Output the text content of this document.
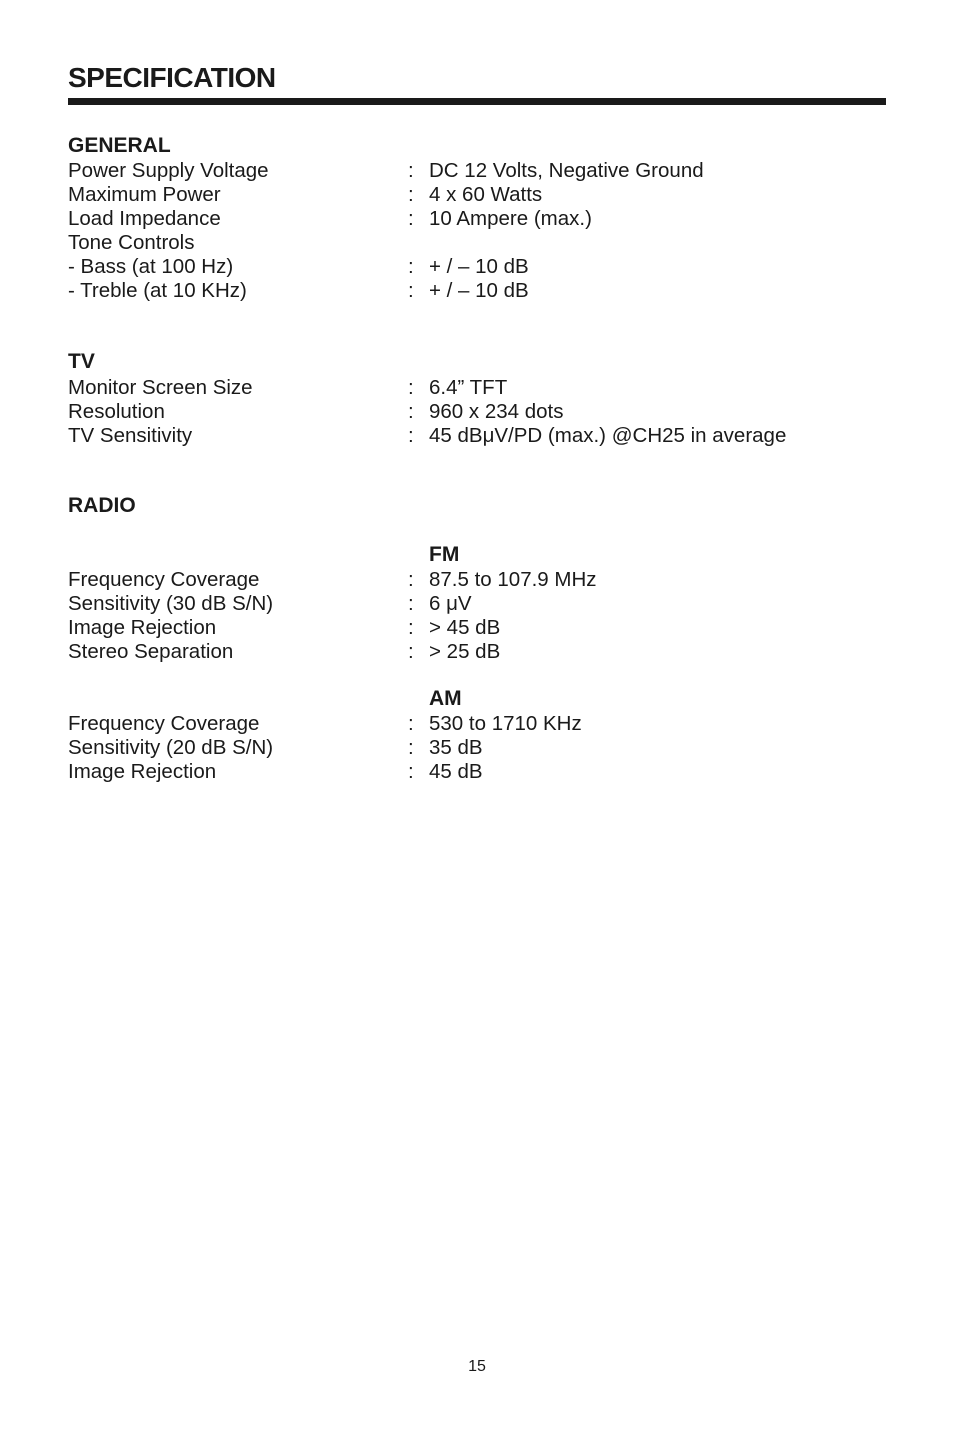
SPECIFICATION
GENERAL
Power Supply Voltage	: DC 12 Volts, Negative Ground
Maximum Power	: 4 x 60 Watts
Load Impedance	: 10 Ampere (max.)
Tone Controls
- Bass (at 100 Hz)	: + / – 10 dB
- Treble (at 10 KHz)	: + / – 10 dB
TV
Monitor Screen Size	: 6.4” TFT
Resolution	: 960 x 234 dots
TV Sensitivity	: 45 dBμV/PD (max.) @CH25 in average
RADIO
FM
Frequency Coverage	: 87.5 to 107.9 MHz
Sensitivity (30 dB S/N)	: 6 μV
Image Rejection	: > 45 dB
Stereo Separation	: > 25 dB
AM
Frequency Coverage	: 530 to 1710 KHz
Sensitivity (20 dB S/N)	: 35 dB
Image Rejection	: 45 dB
15
